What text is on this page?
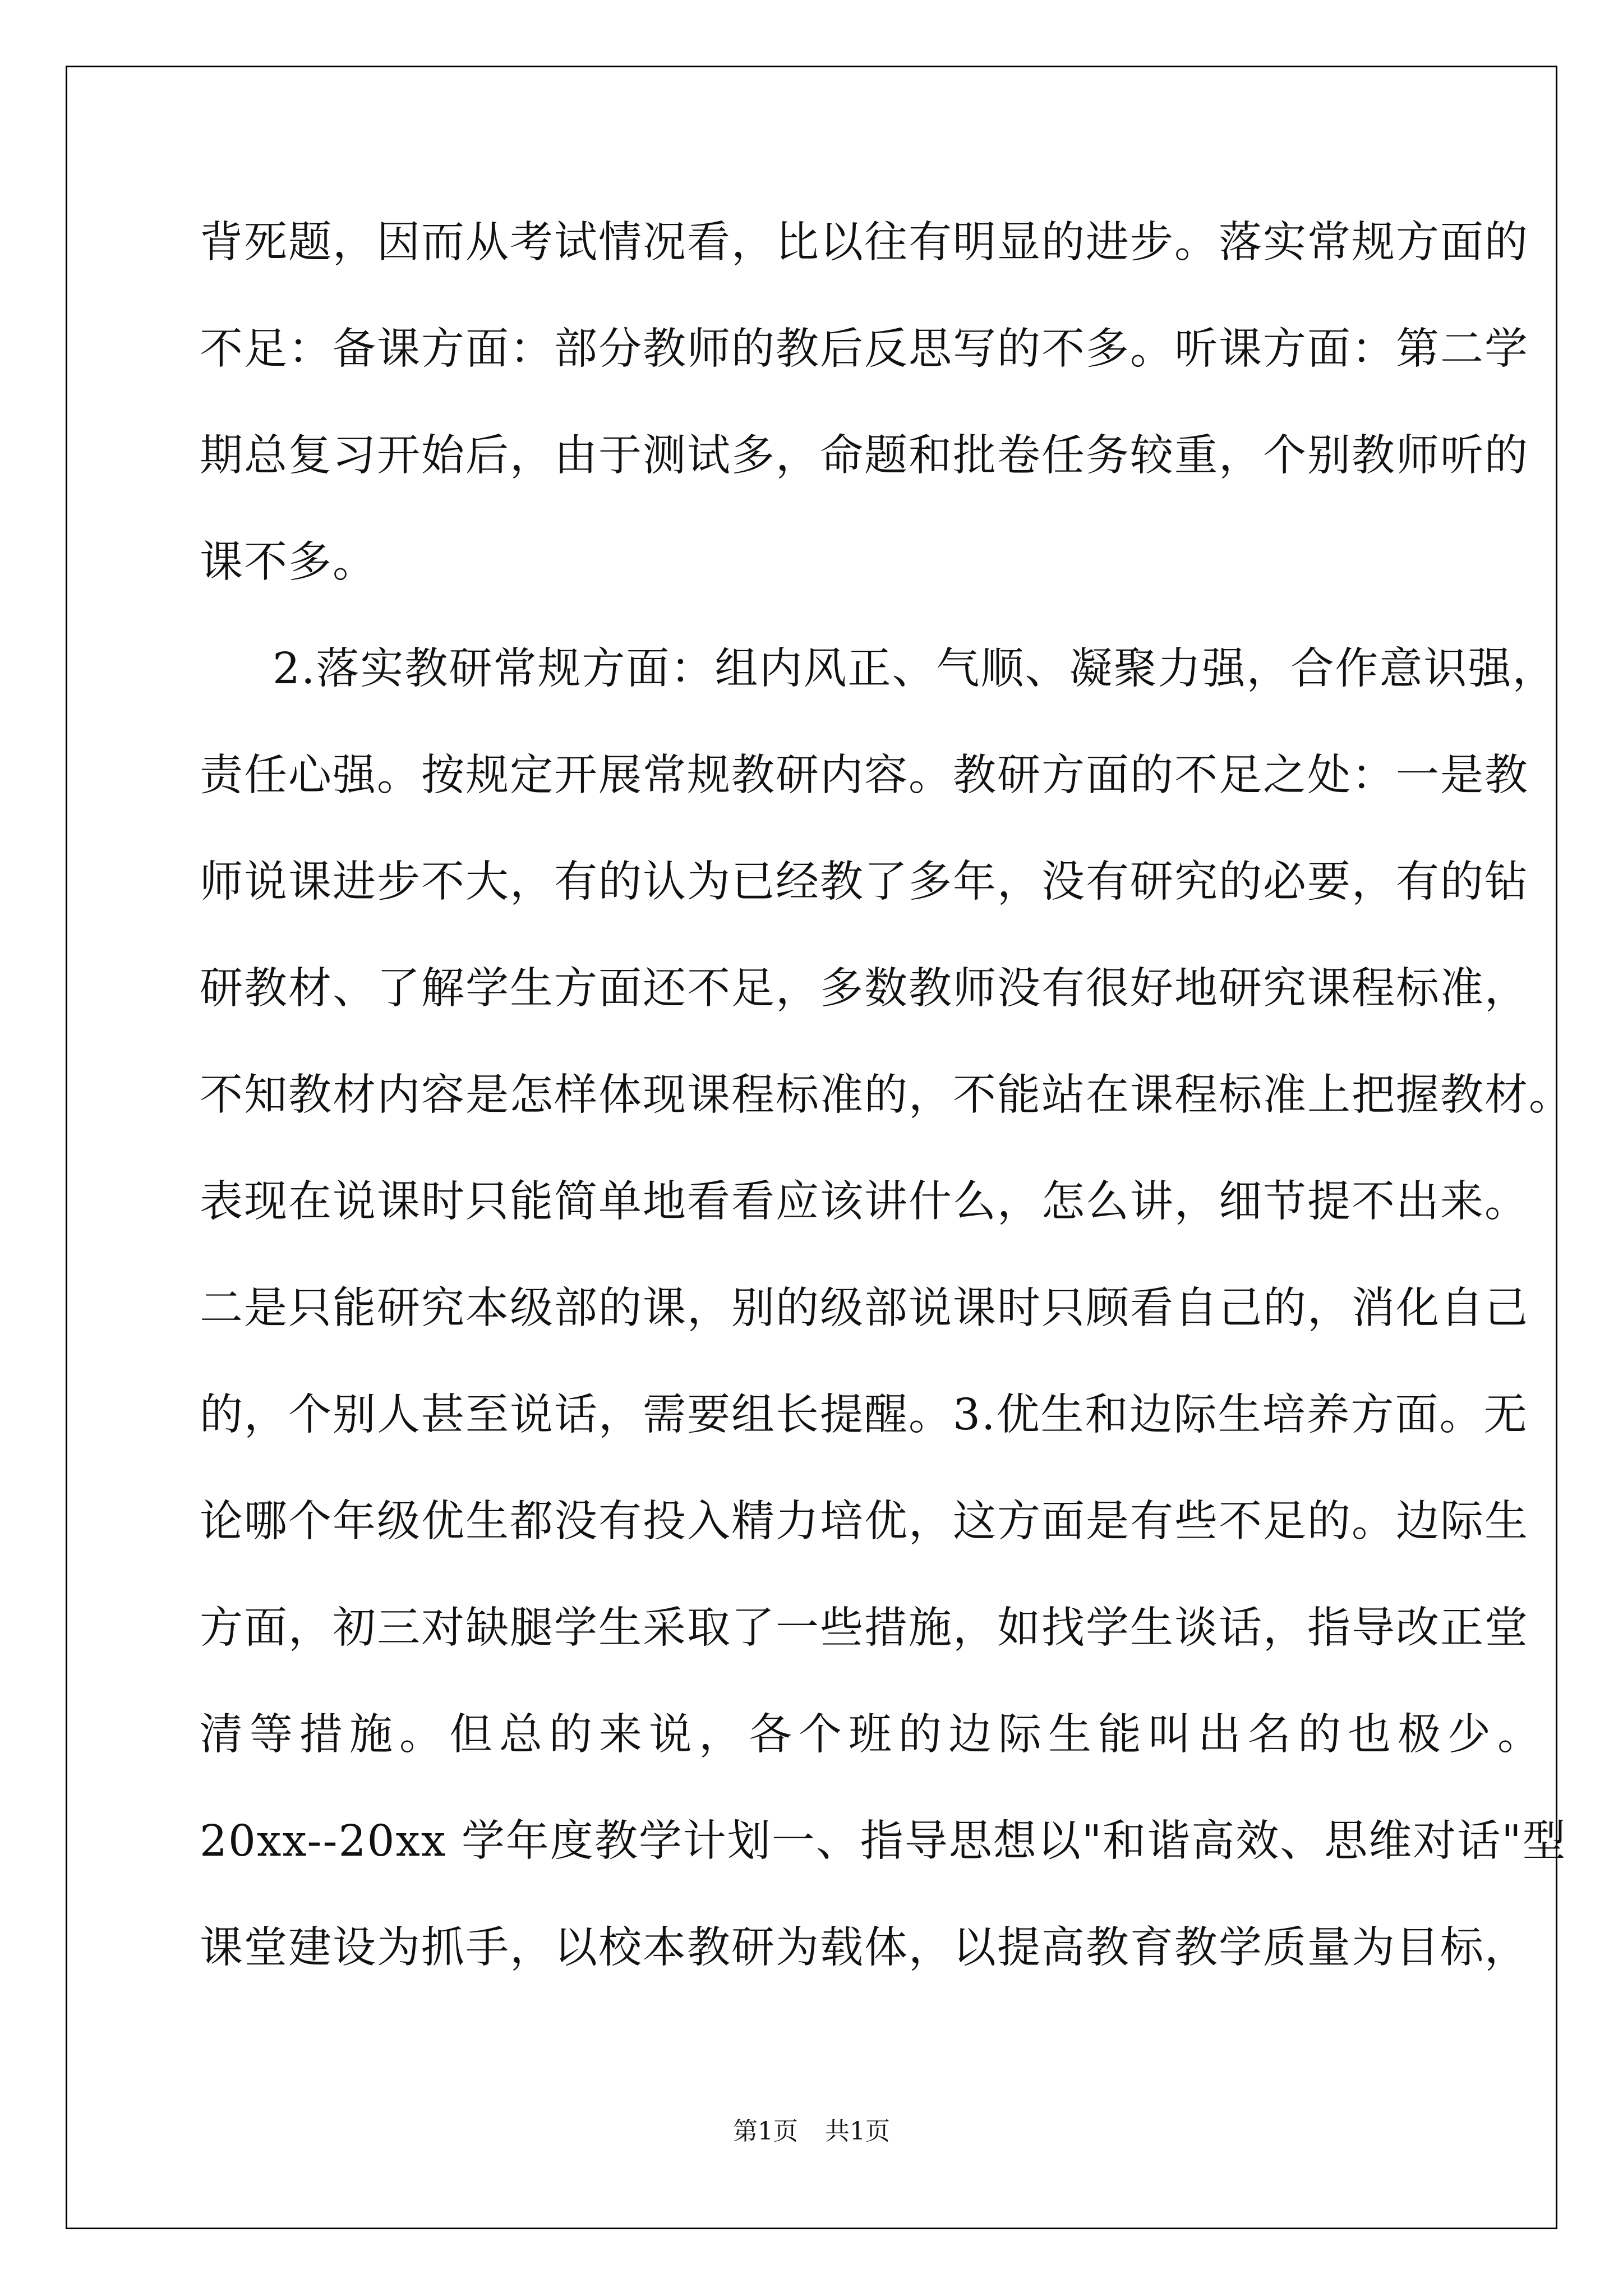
背死题，因而从考试情况看，比以往有明显的进步。落实常规方面的
不足：备课方面：部分教师的教后反思写的不多。听课方面：第二学
期总复习开始后，由于测试多，命题和批卷任务较重，个别教师听的
课不多。
2.落实教研常规方面：组内风正、气顺、凝聚力强，合作意识强，
责任心强。按规定开展常规教研内容。教研方面的不足之处：一是教
师说课进步不大，有的认为已经教了多年，没有研究的必要，有的钻
研教材、了解学生方面还不足，多数教师没有很好地研究课程标准，
不知教材内容是怎样体现课程标准的，不能站在课程标准上把握教材。
表现在说课时只能简单地看看应该讲什么，怎么讲，细节提不出来。
二是只能研究本级部的课，别的级部说课时只顾看自己的，消化自己
的，个别人甚至说话，需要组长提醒。3.优生和边际生培养方面。无
论哪个年级优生都没有投入精力培优，这方面是有些不足的。边际生
方面，初三对缺腿学生采取了一些措施，如找学生谈话，指导改正堂
清等措施。但总的来说，各个班的边际生能叫出名的也极少。
20xx--20xx 学年度教学计划一、指导思想以"和谐高效、思维对话"型
课堂建设为抓手，以校本教研为载体，以提高教育教学质量为目标，
第1页 共1页
